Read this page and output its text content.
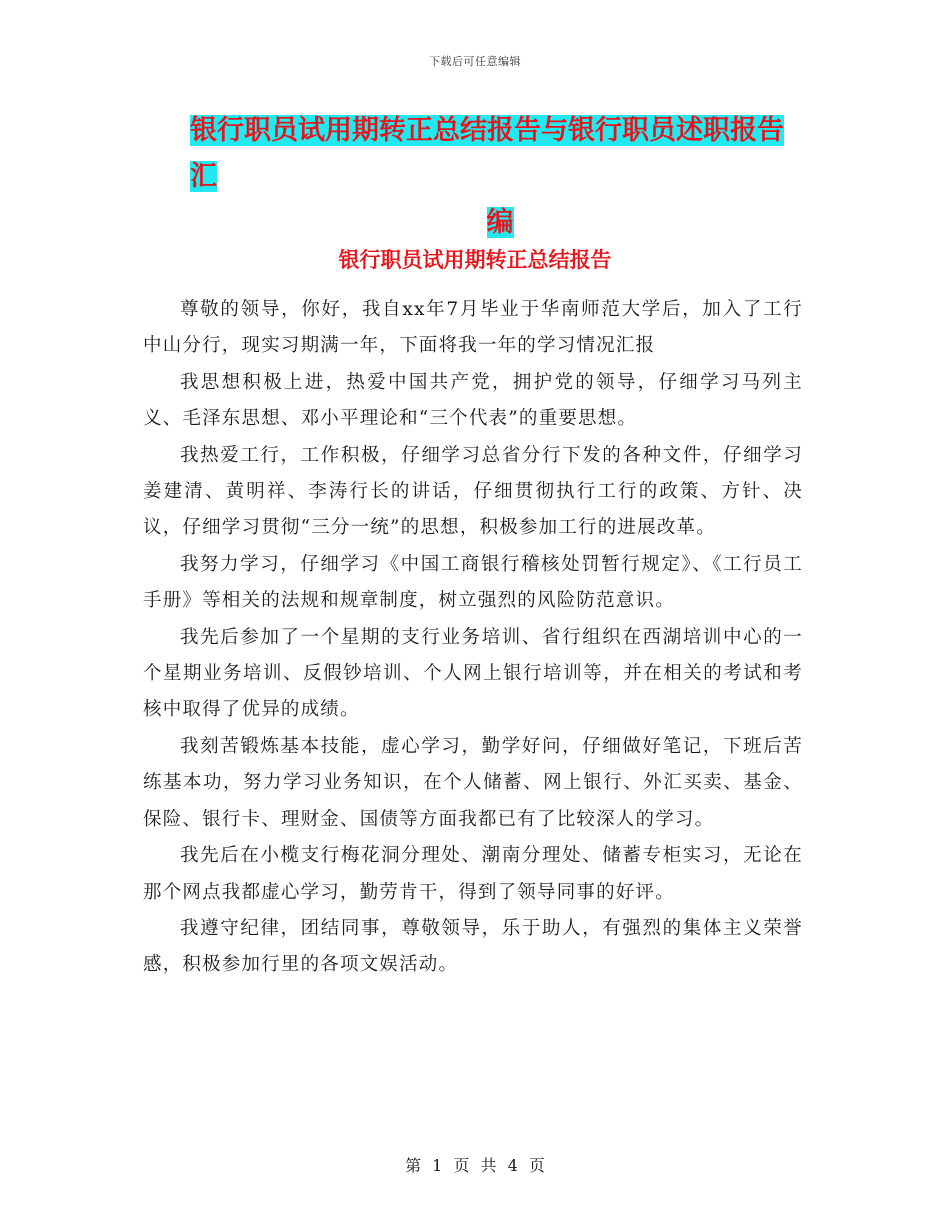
下载后可任意编辑
银行职员试用期转正总结报告与银行职员述职报告汇
编
银行职员试用期转正总结报告

尊敬的领导，你好，我自xx年7月毕业于华南师范大学后，加入了工行中山分行，现实习期满一年，下面将我一年的学习情况汇报

我思想积极上进，热爱中国共产党，拥护党的领导，仔细学习马列主义、毛泽东思想、邓小平理论和“三个代表”的重要思想。

我热爱工行，工作积极，仔细学习总省分行下发的各种文件，仔细学习姜建清、黄明祥、李涛行长的讲话，仔细贯彻执行工行的政策、方针、决议，仔细学习贯彻“三分一统”的思想，积极参加工行的进展改革。

我努力学习，仔细学习《中国工商银行稽核处罚暂行规定》、《工行员工手册》等相关的法规和规章制度，树立强烈的风险防范意识。

我先后参加了一个星期的支行业务培训、省行组织在西湖培训中心的一个星期业务培训、反假钞培训、个人网上银行培训等，并在相关的考试和考核中取得了优异的成绩。

我刻苦锻炼基本技能，虚心学习，勤学好问，仔细做好笔记，下班后苦练基本功，努力学习业务知识，在个人储蓄、网上银行、外汇买卖、基金、保险、银行卡、理财金、国债等方面我都已有了比较深人的学习。

我先后在小榄支行梅花洞分理处、潮南分理处、储蓄专柜实习，无论在那个网点我都虚心学习，勤劳肯干，得到了领导同事的好评。

我遵守纪律，团结同事，尊敬领导，乐于助人，有强烈的集体主义荣誉感，积极参加行里的各项文娱活动。

第 1 页 共 4 页
